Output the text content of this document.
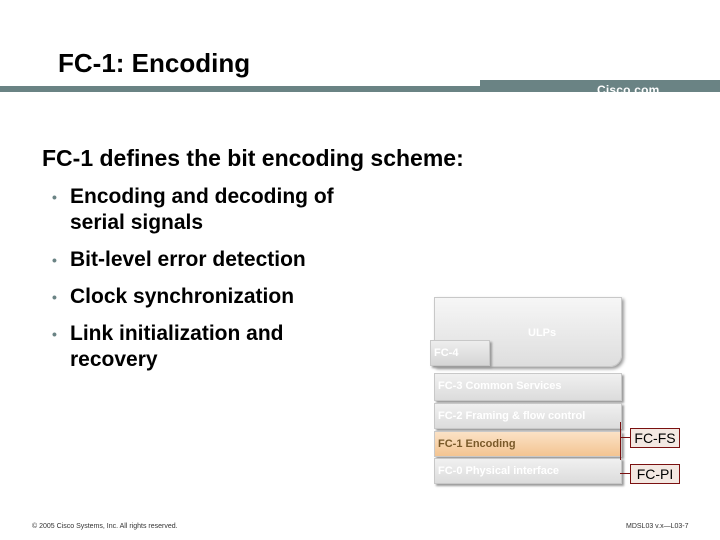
FC-1: Encoding
Cisco.com
FC-1 defines the bit encoding scheme:
• Encoding and decoding of serial signals
• Bit-level error detection
• Clock synchronization
• Link initialization and recovery
ULPs
FC-4
FC-3 Common Services
FC-2 Framing & flow control
FC-1 Encoding
FC-0 Physical interface
FC-FS
FC-PI
© 2005 Cisco Systems, Inc. All rights reserved.	MDSL03 v.x—L03-7
